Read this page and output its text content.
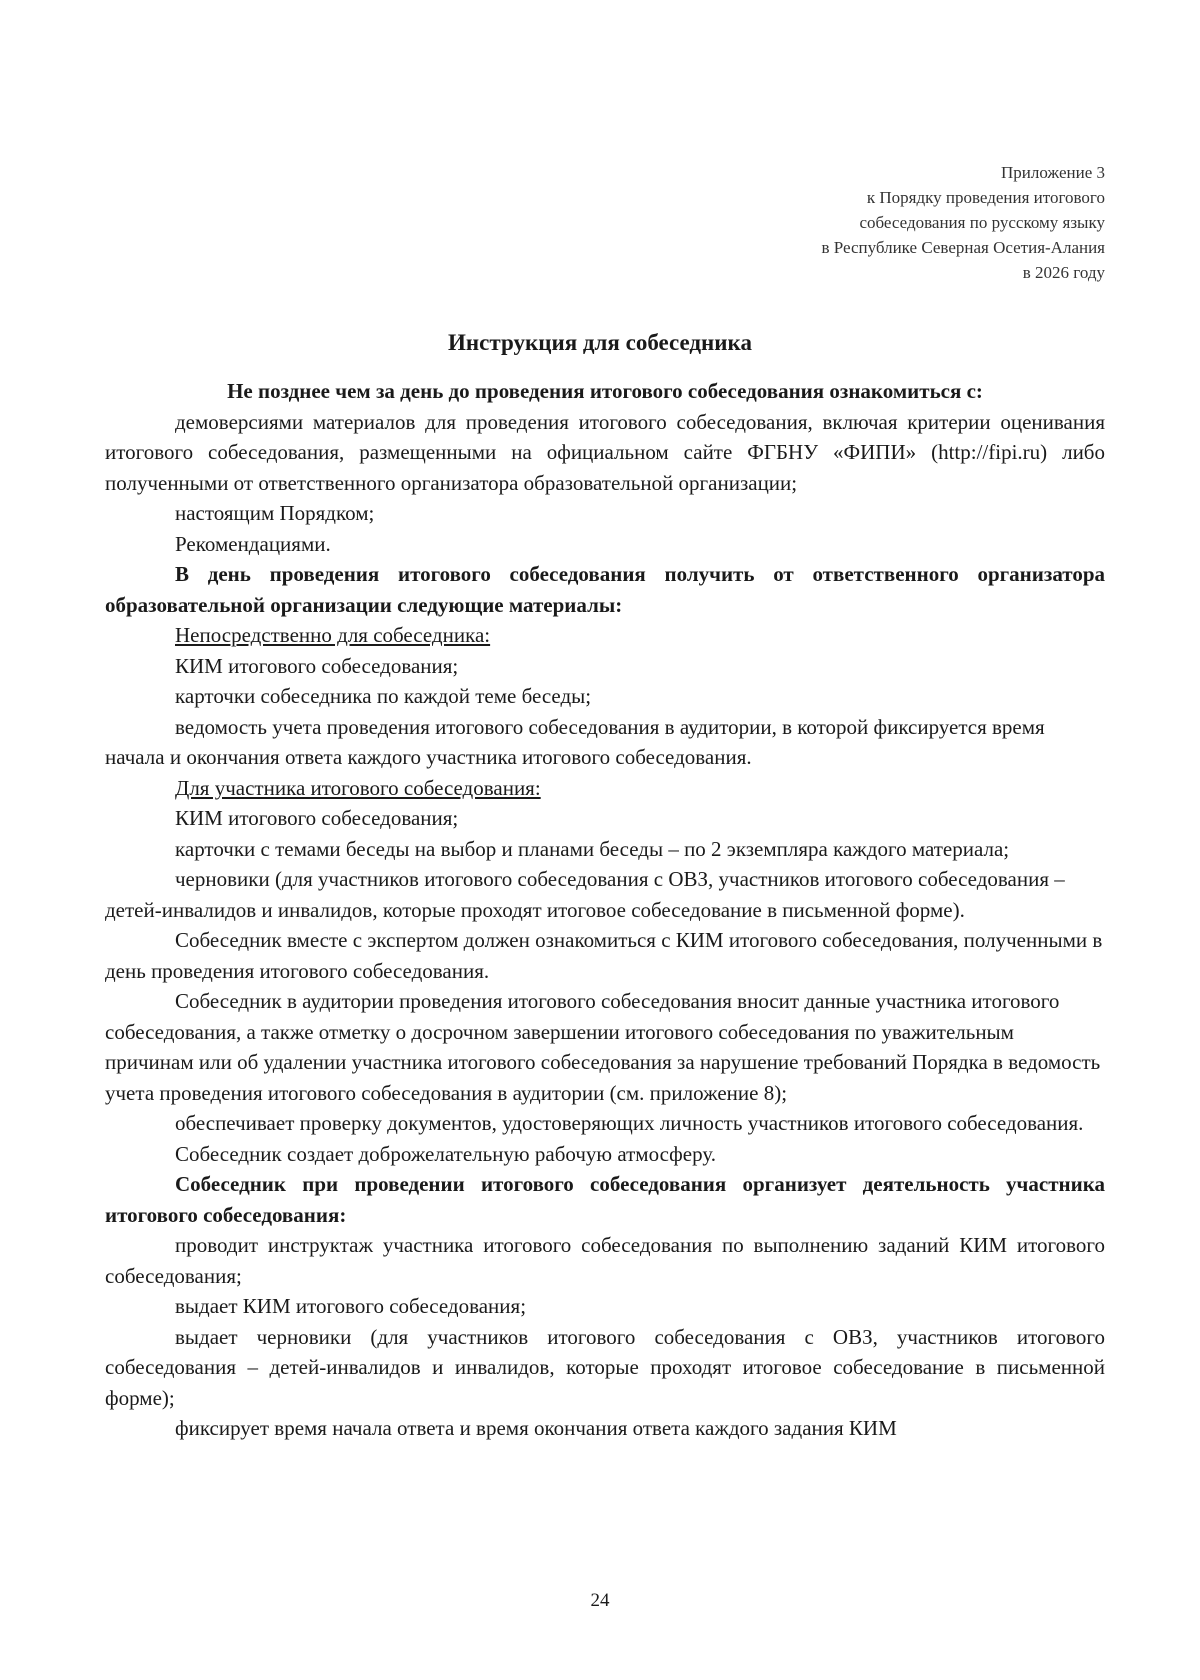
Приложение 3
к Порядку проведения итогового
собеседования по русскому языку
в Республике Северная Осетия-Алания
в 2026 году
Инструкция для собеседника

Не позднее чем за день до проведения итогового собеседования ознакомиться с:

демоверсиями материалов для проведения итогового собеседования, включая критерии оценивания итогового собеседования, размещенными на официальном сайте ФГБНУ «ФИПИ» (http://fipi.ru) либо полученными от ответственного организатора образовательной организации;

настоящим Порядком;

Рекомендациями.

В день проведения итогового собеседования получить от ответственного организатора образовательной организации следующие материалы:

Непосредственно для собеседника:

КИМ итогового собеседования;

карточки собеседника по каждой теме беседы;

ведомость учета проведения итогового собеседования в аудитории, в которой фиксируется время начала и окончания ответа каждого участника итогового собеседования.

Для участника итогового собеседования:

КИМ итогового собеседования;

карточки с темами беседы на выбор и планами беседы – по 2 экземпляра каждого материала;

черновики (для участников итогового собеседования с ОВЗ, участников итогового собеседования – детей-инвалидов и инвалидов, которые проходят итоговое собеседование в письменной форме).

Собеседник вместе с экспертом должен ознакомиться с КИМ итогового собеседования, полученными в день проведения итогового собеседования.

Собеседник в аудитории проведения итогового собеседования вносит данные участника итогового собеседования, а также отметку о досрочном завершении итогового собеседования по уважительным причинам или об удалении участника итогового собеседования за нарушение требований Порядка в ведомость учета проведения итогового собеседования в аудитории (см. приложение 8);

обеспечивает проверку документов, удостоверяющих личность участников итогового собеседования.

Собеседник создает доброжелательную рабочую атмосферу.

Собеседник при проведении итогового собеседования организует деятельность участника итогового собеседования:

проводит инструктаж участника итогового собеседования по выполнению заданий КИМ итогового собеседования;

выдает КИМ итогового собеседования;

выдает черновики (для участников итогового собеседования с ОВЗ, участников итогового собеседования – детей-инвалидов и инвалидов, которые проходят итоговое собеседование в письменной форме);

фиксирует время начала ответа и время окончания ответа каждого задания КИМ

24
